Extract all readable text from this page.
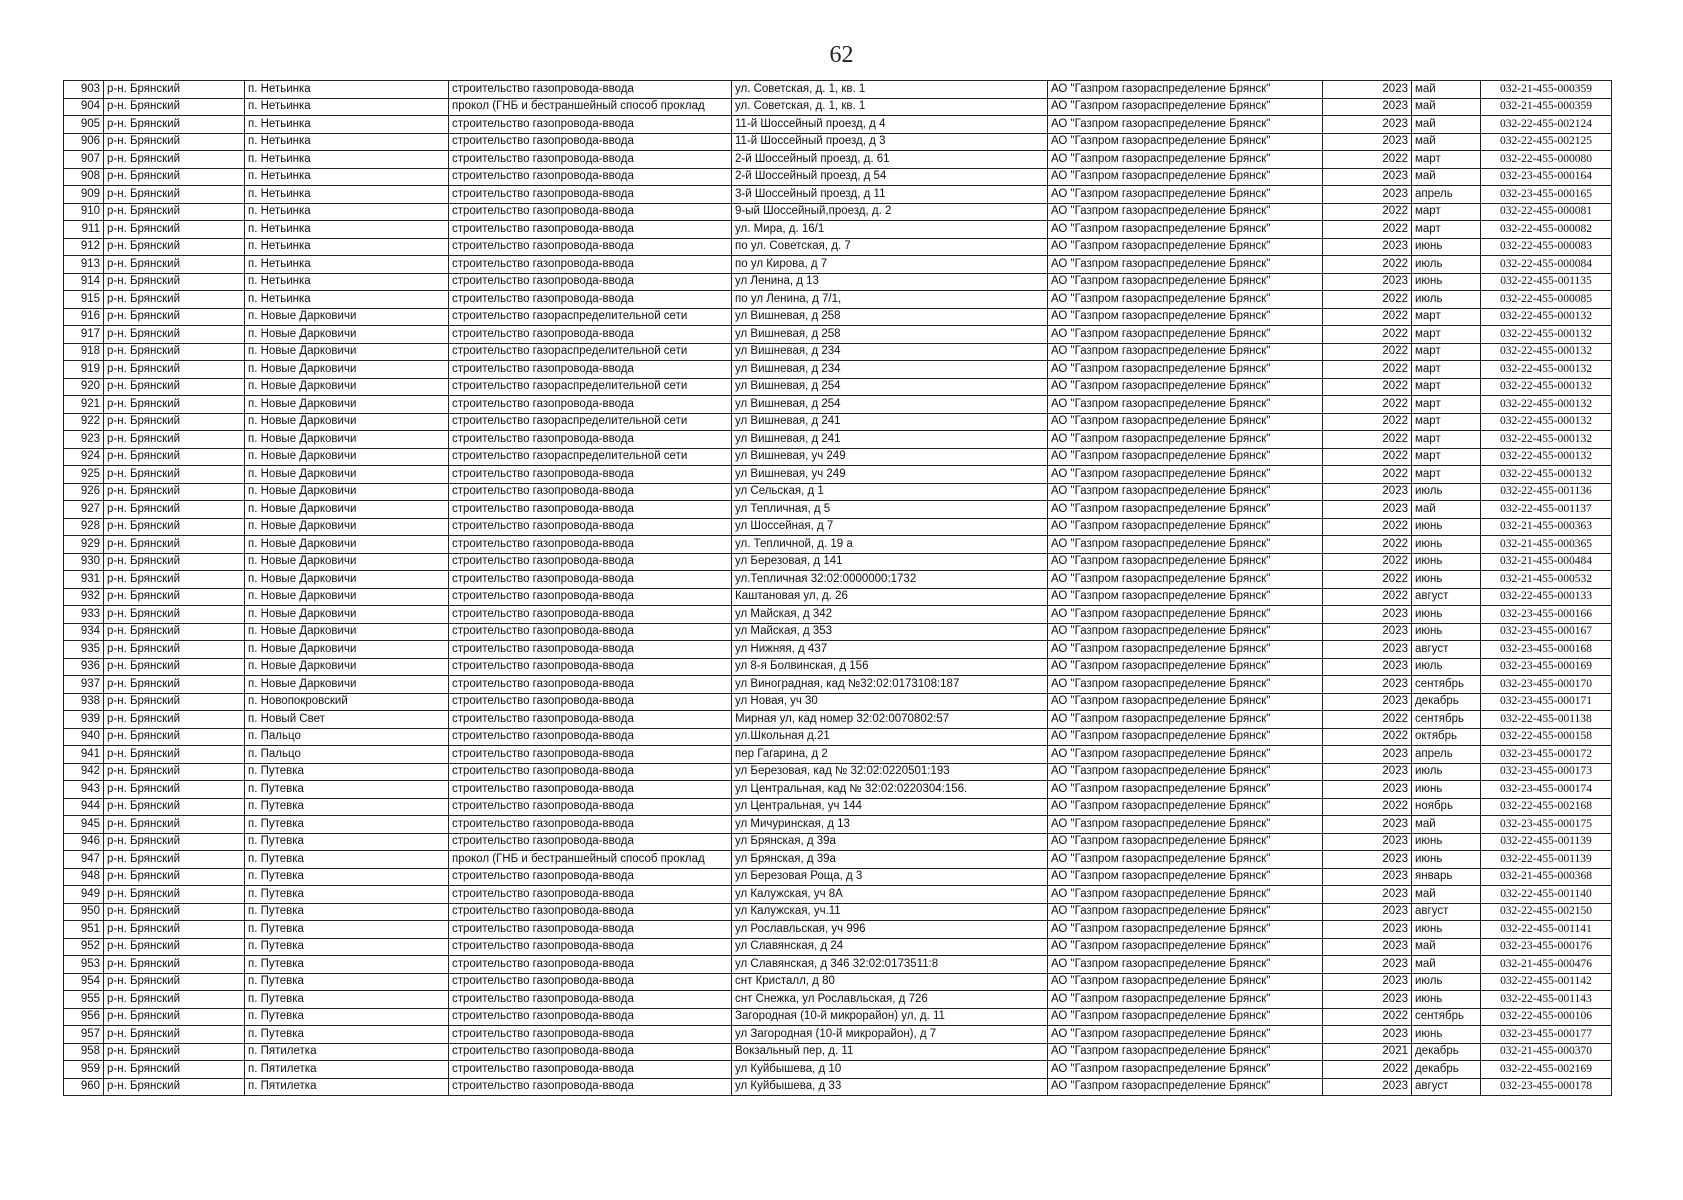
62
903	р-н. Брянский	п. Нетьинка	строительство газопровода-ввода	ул. Советская, д. 1, кв. 1	АО "Газпром газораспределение Брянск"	2023	май	032-21-455-000359
904	р-н. Брянский	п. Нетьинка	прокол (ГНБ и бестраншейный способ проклад	ул. Советская, д. 1, кв. 1	АО "Газпром газораспределение Брянск"	2023	май	032-21-455-000359
905	р-н. Брянский	п. Нетьинка	строительство газопровода-ввода	11-й Шоссейный проезд, д 4	АО "Газпром газораспределение Брянск"	2023	май	032-22-455-002124
906	р-н. Брянский	п. Нетьинка	строительство газопровода-ввода	11-й Шоссейный проезд, д 3	АО "Газпром газораспределение Брянск"	2023	май	032-22-455-002125
907	р-н. Брянский	п. Нетьинка	строительство газопровода-ввода	2-й Шоссейный проезд, д. 61	АО "Газпром газораспределение Брянск"	2022	март	032-22-455-000080
908	р-н. Брянский	п. Нетьинка	строительство газопровода-ввода	2-й Шоссейный проезд, д 54	АО "Газпром газораспределение Брянск"	2023	май	032-23-455-000164
909	р-н. Брянский	п. Нетьинка	строительство газопровода-ввода	3-й Шоссейный проезд, д 11	АО "Газпром газораспределение Брянск"	2023	апрель	032-23-455-000165
910	р-н. Брянский	п. Нетьинка	строительство газопровода-ввода	9-ый Шоссейный,проезд, д. 2	АО "Газпром газораспределение Брянск"	2022	март	032-22-455-000081
911	р-н. Брянский	п. Нетьинка	строительство газопровода-ввода	ул. Мира, д. 16/1	АО "Газпром газораспределение Брянск"	2022	март	032-22-455-000082
912	р-н. Брянский	п. Нетьинка	строительство газопровода-ввода	по ул. Советская, д. 7	АО "Газпром газораспределение Брянск"	2023	июнь	032-22-455-000083
913	р-н. Брянский	п. Нетьинка	строительство газопровода-ввода	по ул Кирова, д 7	АО "Газпром газораспределение Брянск"	2022	июль	032-22-455-000084
914	р-н. Брянский	п. Нетьинка	строительство газопровода-ввода	ул Ленина, д 13	АО "Газпром газораспределение Брянск"	2023	июнь	032-22-455-001135
915	р-н. Брянский	п. Нетьинка	строительство газопровода-ввода	по ул Ленина, д 7/1,	АО "Газпром газораспределение Брянск"	2022	июль	032-22-455-000085
916	р-н. Брянский	п. Новые Дарковичи	строительство газораспределительной сети	ул Вишневая, д 258	АО "Газпром газораспределение Брянск"	2022	март	032-22-455-000132
917	р-н. Брянский	п. Новые Дарковичи	строительство газопровода-ввода	ул Вишневая, д 258	АО "Газпром газораспределение Брянск"	2022	март	032-22-455-000132
918	р-н. Брянский	п. Новые Дарковичи	строительство газораспределительной сети	ул Вишневая, д 234	АО "Газпром газораспределение Брянск"	2022	март	032-22-455-000132
919	р-н. Брянский	п. Новые Дарковичи	строительство газопровода-ввода	ул Вишневая, д 234	АО "Газпром газораспределение Брянск"	2022	март	032-22-455-000132
920	р-н. Брянский	п. Новые Дарковичи	строительство газораспределительной сети	ул Вишневая, д 254	АО "Газпром газораспределение Брянск"	2022	март	032-22-455-000132
921	р-н. Брянский	п. Новые Дарковичи	строительство газопровода-ввода	ул Вишневая, д 254	АО "Газпром газораспределение Брянск"	2022	март	032-22-455-000132
922	р-н. Брянский	п. Новые Дарковичи	строительство газораспределительной сети	ул Вишневая, д 241	АО "Газпром газораспределение Брянск"	2022	март	032-22-455-000132
923	р-н. Брянский	п. Новые Дарковичи	строительство газопровода-ввода	ул Вишневая, д 241	АО "Газпром газораспределение Брянск"	2022	март	032-22-455-000132
924	р-н. Брянский	п. Новые Дарковичи	строительство газораспределительной сети	ул Вишневая, уч 249	АО "Газпром газораспределение Брянск"	2022	март	032-22-455-000132
925	р-н. Брянский	п. Новые Дарковичи	строительство газопровода-ввода	ул Вишневая, уч 249	АО "Газпром газораспределение Брянск"	2022	март	032-22-455-000132
926	р-н. Брянский	п. Новые Дарковичи	строительство газопровода-ввода	ул Сельская, д 1	АО "Газпром газораспределение Брянск"	2023	июль	032-22-455-001136
927	р-н. Брянский	п. Новые Дарковичи	строительство газопровода-ввода	ул Тепличная, д 5	АО "Газпром газораспределение Брянск"	2023	май	032-22-455-001137
928	р-н. Брянский	п. Новые Дарковичи	строительство газопровода-ввода	ул Шоссейная, д 7	АО "Газпром газораспределение Брянск"	2022	июнь	032-21-455-000363
929	р-н. Брянский	п. Новые Дарковичи	строительство газопровода-ввода	ул. Тепличной, д. 19 а	АО "Газпром газораспределение Брянск"	2022	июнь	032-21-455-000365
930	р-н. Брянский	п. Новые Дарковичи	строительство газопровода-ввода	ул Березовая, д 141	АО "Газпром газораспределение Брянск"	2022	июнь	032-21-455-000484
931	р-н. Брянский	п. Новые Дарковичи	строительство газопровода-ввода	ул.Тепличная 32:02:0000000:1732	АО "Газпром газораспределение Брянск"	2022	июнь	032-21-455-000532
932	р-н. Брянский	п. Новые Дарковичи	строительство газопровода-ввода	Каштановая ул, д. 26	АО "Газпром газораспределение Брянск"	2022	август	032-22-455-000133
933	р-н. Брянский	п. Новые Дарковичи	строительство газопровода-ввода	ул Майская, д 342	АО "Газпром газораспределение Брянск"	2023	июнь	032-23-455-000166
934	р-н. Брянский	п. Новые Дарковичи	строительство газопровода-ввода	ул Майская, д 353	АО "Газпром газораспределение Брянск"	2023	июнь	032-23-455-000167
935	р-н. Брянский	п. Новые Дарковичи	строительство газопровода-ввода	ул Нижняя, д 437	АО "Газпром газораспределение Брянск"	2023	август	032-23-455-000168
936	р-н. Брянский	п. Новые Дарковичи	строительство газопровода-ввода	ул 8-я Болвинская, д 156	АО "Газпром газораспределение Брянск"	2023	июль	032-23-455-000169
937	р-н. Брянский	п. Новые Дарковичи	строительство газопровода-ввода	ул Виноградная, кад №32:02:0173108:187	АО "Газпром газораспределение Брянск"	2023	сентябрь	032-23-455-000170
938	р-н. Брянский	п. Новопокровский	строительство газопровода-ввода	ул Новая, уч 30	АО "Газпром газораспределение Брянск"	2023	декабрь	032-23-455-000171
939	р-н. Брянский	п. Новый Свет	строительство газопровода-ввода	Мирная ул, кад номер 32:02:0070802:57	АО "Газпром газораспределение Брянск"	2022	сентябрь	032-22-455-001138
940	р-н. Брянский	п. Пальцо	строительство газопровода-ввода	ул.Школьная д.21	АО "Газпром газораспределение Брянск"	2022	октябрь	032-22-455-000158
941	р-н. Брянский	п. Пальцо	строительство газопровода-ввода	пер Гагарина, д 2	АО "Газпром газораспределение Брянск"	2023	апрель	032-23-455-000172
942	р-н. Брянский	п. Путевка	строительство газопровода-ввода	ул Березовая, кад № 32:02:0220501:193	АО "Газпром газораспределение Брянск"	2023	июль	032-23-455-000173
943	р-н. Брянский	п. Путевка	строительство газопровода-ввода	ул Центральная, кад № 32:02:0220304:156.	АО "Газпром газораспределение Брянск"	2023	июнь	032-23-455-000174
944	р-н. Брянский	п. Путевка	строительство газопровода-ввода	ул Центральная, уч 144	АО "Газпром газораспределение Брянск"	2022	ноябрь	032-22-455-002168
945	р-н. Брянский	п. Путевка	строительство газопровода-ввода	ул Мичуринская, д 13	АО "Газпром газораспределение Брянск"	2023	май	032-23-455-000175
946	р-н. Брянский	п. Путевка	строительство газопровода-ввода	ул Брянская, д 39а	АО "Газпром газораспределение Брянск"	2023	июнь	032-22-455-001139
947	р-н. Брянский	п. Путевка	прокол (ГНБ и бестраншейный способ проклад	ул Брянская, д 39а	АО "Газпром газораспределение Брянск"	2023	июнь	032-22-455-001139
948	р-н. Брянский	п. Путевка	строительство газопровода-ввода	ул Березовая Роща, д 3	АО "Газпром газораспределение Брянск"	2023	январь	032-21-455-000368
949	р-н. Брянский	п. Путевка	строительство газопровода-ввода	ул Калужская, уч 8А	АО "Газпром газораспределение Брянск"	2023	май	032-22-455-001140
950	р-н. Брянский	п. Путевка	строительство газопровода-ввода	ул Калужская, уч.11	АО "Газпром газораспределение Брянск"	2023	август	032-22-455-002150
951	р-н. Брянский	п. Путевка	строительство газопровода-ввода	ул Рославльская, уч 996	АО "Газпром газораспределение Брянск"	2023	июнь	032-22-455-001141
952	р-н. Брянский	п. Путевка	строительство газопровода-ввода	ул Славянская, д 24	АО "Газпром газораспределение Брянск"	2023	май	032-23-455-000176
953	р-н. Брянский	п. Путевка	строительство газопровода-ввода	ул Славянская, д 346 32:02:0173511:8	АО "Газпром газораспределение Брянск"	2023	май	032-21-455-000476
954	р-н. Брянский	п. Путевка	строительство газопровода-ввода	снт Кристалл, д 80	АО "Газпром газораспределение Брянск"	2023	июль	032-22-455-001142
955	р-н. Брянский	п. Путевка	строительство газопровода-ввода	снт Снежка, ул Рославльская, д 726	АО "Газпром газораспределение Брянск"	2023	июнь	032-22-455-001143
956	р-н. Брянский	п. Путевка	строительство газопровода-ввода	Загородная (10-й микрорайон) ул, д. 11	АО "Газпром газораспределение Брянск"	2022	сентябрь	032-22-455-000106
957	р-н. Брянский	п. Путевка	строительство газопровода-ввода	ул Загородная (10-й микрорайон), д 7	АО "Газпром газораспределение Брянск"	2023	июнь	032-23-455-000177
958	р-н. Брянский	п. Пятилетка	строительство газопровода-ввода	Вокзальный пер, д. 11	АО "Газпром газораспределение Брянск"	2021	декабрь	032-21-455-000370
959	р-н. Брянский	п. Пятилетка	строительство газопровода-ввода	ул Куйбышева, д 10	АО "Газпром газораспределение Брянск"	2022	декабрь	032-22-455-002169
960	р-н. Брянский	п. Пятилетка	строительство газопровода-ввода	ул Куйбышева, д 33	АО "Газпром газораспределение Брянск"	2023	август	032-23-455-000178
